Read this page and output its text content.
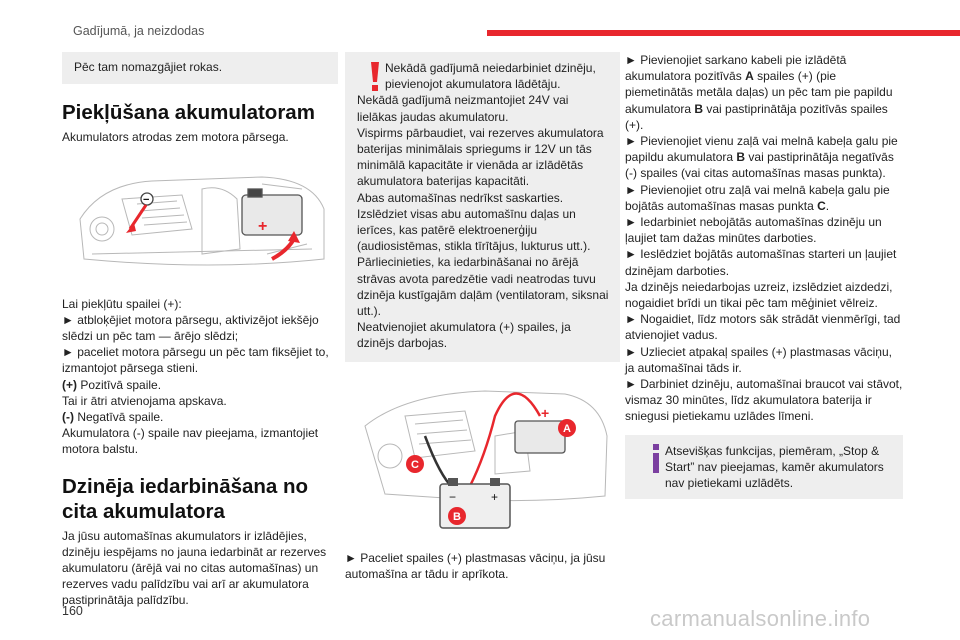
Gadījumā, ja neizdodas
Pēc tam nomazgājiet rokas.
Piekļūšana akumulatoram

Akumulators atrodas zem motora pārsega.

+
−

Lai piekļūtu spailei (+):

► atbloķējiet motora pārsegu, aktivizējot iekšējo slēdzi un pēc tam — ārējo slēdzi;

► paceliet motora pārsegu un pēc tam fiksējiet to, izmantojot pārsega stieni.

(+) Pozitīvā spaile.

Tai ir ātri atvienojama apskava.

(-) Negatīvā spaile.

Akumulatora (-) spaile nav pieejama, izmantojiet motora balstu.

Dzinēja iedarbināšana no cita akumulatora

Ja jūsu automašīnas akumulators ir izlādējies, dzinēju iespējams no jauna iedarbināt ar rezerves akumulatoru (ārējā vai no citas automašīnas) un rezerves vadu palīdzību vai arī ar akumulatora pastiprinātāja palīdzību.

Nekādā gadījumā neiedarbiniet dzinēju, pievienojot akumulatora lādētāju.

Nekādā gadījumā neizmantojiet 24V vai lielākas jaudas akumulatoru.

Vispirms pārbaudiet, vai rezerves akumulatora baterijas minimālais spriegums ir 12V un tās minimālā kapacitāte ir vienāda ar izlādētās akumulatora baterijas kapacitāti.

Abas automašīnas nedrīkst saskarties.

Izslēdziet visas abu automašīnu daļas un ierīces, kas patērē elektroenerģiju (audiosistēmas, stikla tīrītājus, lukturus utt.).

Pārliecinieties, ka iedarbināšanai no ārējā strāvas avota paredzētie vadi neatrodas tuvu dzinēja kustīgajām daļām (ventilatoram, siksnai utt.).

Neatvienojiet akumulatora (+) spailes, ja dzinējs darbojas.

+
−	+
A
C
B

► Paceliet spailes (+) plastmasas vāciņu, ja jūsu automašīna ar tādu ir aprīkota.

► Pievienojiet sarkano kabeli pie izlādētā akumulatora pozitīvās A spailes (+) (pie piemetinātās metāla daļas) un pēc tam pie papildu akumulatora B vai pastiprinātāja pozitīvās spailes (+).

► Pievienojiet vienu zaļā vai melnā kabeļa galu pie papildu akumulatora B vai pastiprinātāja negatīvās (-) spailes (vai citas automašīnas masas punkta).

► Pievienojiet otru zaļā vai melnā kabeļa galu pie bojātās automašīnas masas punkta C.

► Iedarbiniet nebojātās automašīnas dzinēju un ļaujiet tam dažas minūtes darboties.

► Ieslēdziet bojātās automašīnas starteri un ļaujiet dzinējam darboties.

Ja dzinējs neiedarbojas uzreiz, izslēdziet aizdedzi, nogaidiet brīdi un tikai pēc tam mēģiniet vēlreiz.

► Nogaidiet, līdz motors sāk strādāt vienmērīgi, tad atvienojiet vadus.

► Uzlieciet atpakaļ spailes (+) plastmasas vāciņu, ja automašīnai tāds ir.

► Darbiniet dzinēju, automašīnai braucot vai stāvot, vismaz 30 minūtes, līdz akumulatora baterija ir sniegusi pietiekamu uzlādes līmeni.

Atsevišķas funkcijas, piemēram, „Stop & Start” nav pieejamas, kamēr akumulators nav pietiekami uzlādēts.

160	carmanualsonline.info
